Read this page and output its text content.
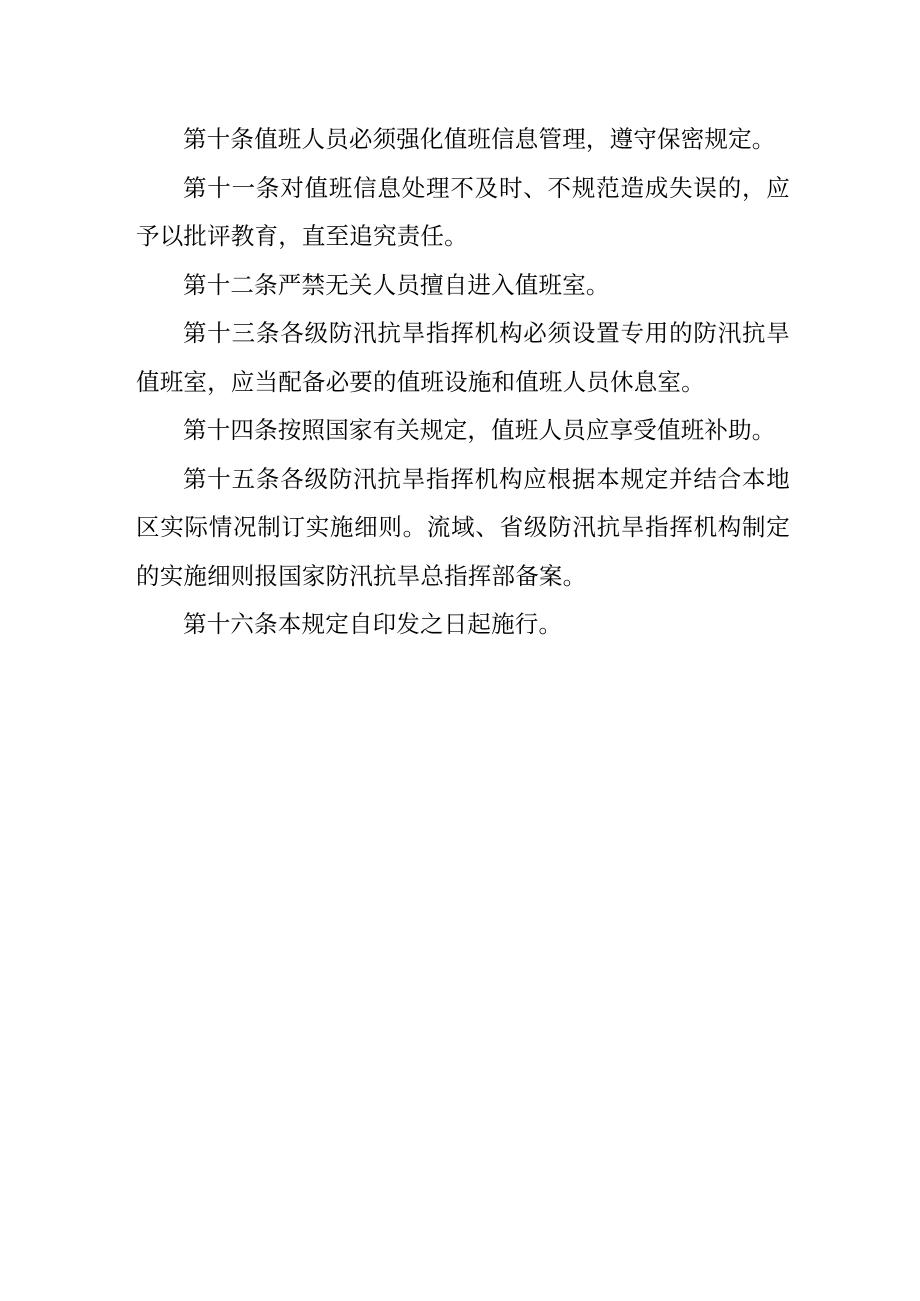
第十条值班人员必须强化值班信息管理，遵守保密规定。

第十一条对值班信息处理不及时、不规范造成失误的，应予以批评教育，直至追究责任。

第十二条严禁无关人员擅自进入值班室。

第十三条各级防汛抗旱指挥机构必须设置专用的防汛抗旱值班室，应当配备必要的值班设施和值班人员休息室。

第十四条按照国家有关规定，值班人员应享受值班补助。

第十五条各级防汛抗旱指挥机构应根据本规定并结合本地区实际情况制订实施细则。流域、省级防汛抗旱指挥机构制定的实施细则报国家防汛抗旱总指挥部备案。

第十六条本规定自印发之日起施行。
